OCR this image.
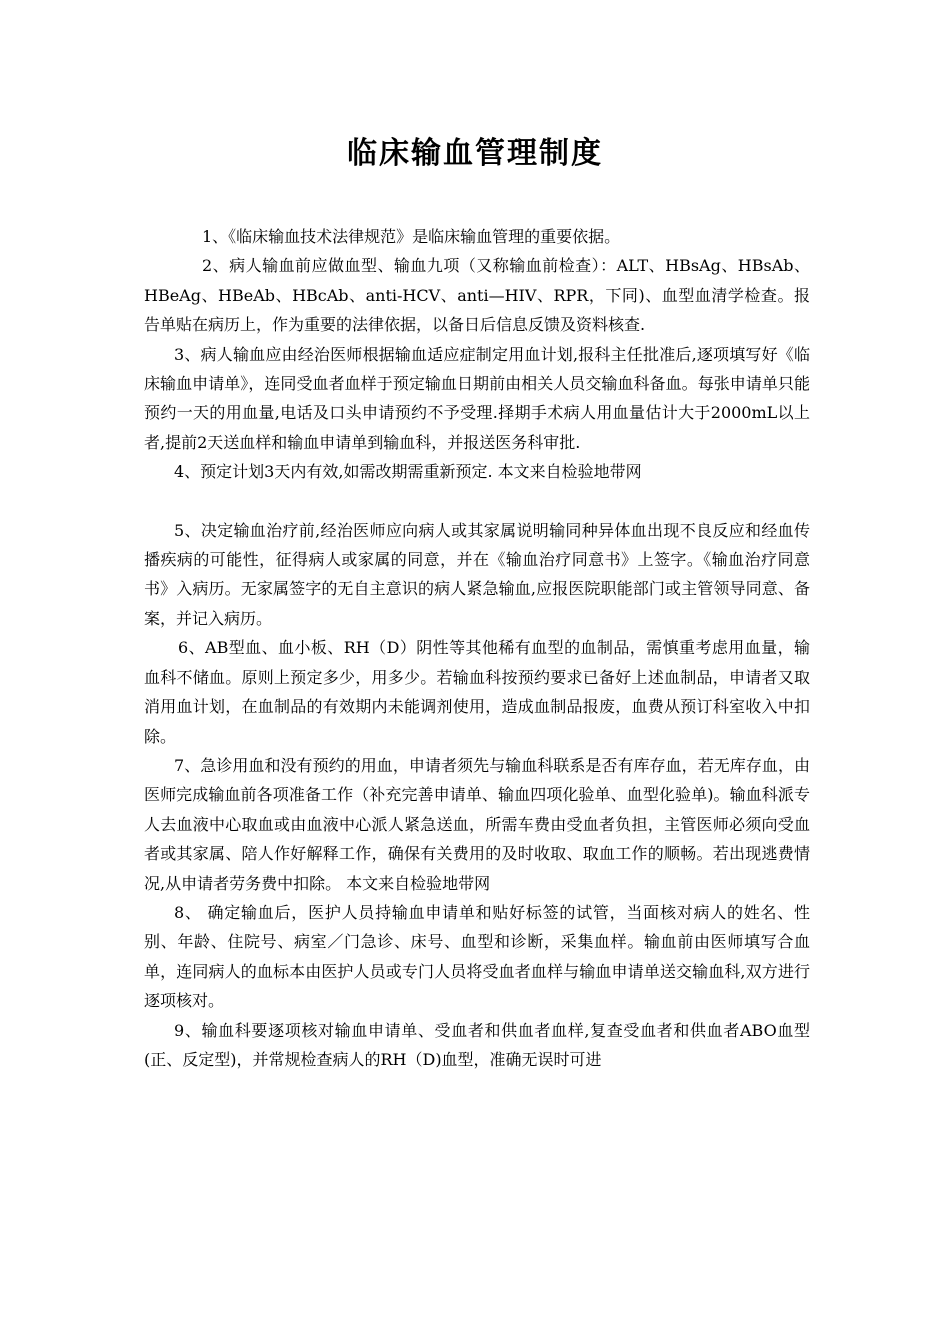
临床输血管理制度

1、《临床输血技术法律规范》是临床输血管理的重要依据。

2、病人输血前应做血型、输血九项（又称输血前检查）：ALT、HBsAg、HBsAb、HBeAg、HBeAb、HBcAb、anti-HCV、anti—HIV、RPR，下同)、血型血清学检查。报告单贴在病历上，作为重要的法律依据，以备日后信息反馈及资料核查.

3、病人输血应由经治医师根据输血适应症制定用血计划,报科主任批准后,逐项填写好《临床输血申请单》，连同受血者血样于预定输血日期前由相关人员交输血科备血。每张申请单只能预约一天的用血量,电话及口头申请预约不予受理.择期手术病人用血量估计大于2000mL以上者,提前2天送血样和输血申请单到输血科，并报送医务科审批.

4、预定计划3天内有效,如需改期需重新预定. 本文来自检验地带网

5、决定输血治疗前,经治医师应向病人或其家属说明输同种异体血出现不良反应和经血传播疾病的可能性，征得病人或家属的同意，并在《输血治疗同意书》上签字。《输血治疗同意书》入病历。无家属签字的无自主意识的病人紧急输血,应报医院职能部门或主管领导同意、备案，并记入病历。

6、AB型血、血小板、RH（D）阴性等其他稀有血型的血制品，需慎重考虑用血量，输血科不储血。原则上预定多少，用多少。若输血科按预约要求已备好上述血制品，申请者又取消用血计划，在血制品的有效期内未能调剂使用，造成血制品报废，血费从预订科室收入中扣除。

7、急诊用血和没有预约的用血，申请者须先与输血科联系是否有库存血，若无库存血，由医师完成输血前各项准备工作（补充完善申请单、输血四项化验单、血型化验单)。输血科派专人去血液中心取血或由血液中心派人紧急送血，所需车费由受血者负担，主管医师必须向受血者或其家属、陪人作好解释工作，确保有关费用的及时收取、取血工作的顺畅。若出现逃费情况,从申请者劳务费中扣除。 本文来自检验地带网

8、 确定输血后，医护人员持输血申请单和贴好标签的试管，当面核对病人的姓名、性别、年龄、住院号、病室／门急诊、床号、血型和诊断，采集血样。输血前由医师填写合血单，连同病人的血标本由医护人员或专门人员将受血者血样与输血申请单送交输血科,双方进行逐项核对。

9、输血科要逐项核对输血申请单、受血者和供血者血样,复查受血者和供血者ABO血型(正、反定型)，并常规检查病人的RH（D)血型，准确无误时可进
